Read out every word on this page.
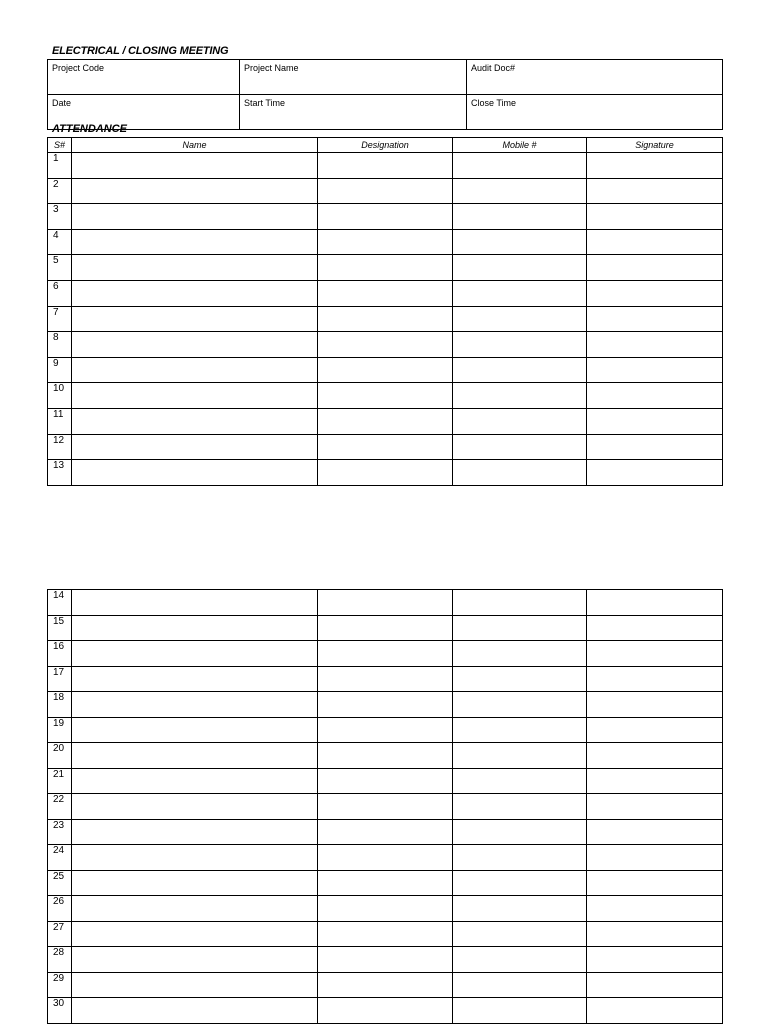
ELECTRICAL / CLOSING MEETING
Project Code	Project Name	Audit Doc#
Date	Start Time	Close Time
ATTENDANCE
S#	Name	Designation	Mobile #	Signature
1				
2				
3				
4				
5				
6				
7				
8				
9				
10				
11				
12				
13				
14				
15				
16				
17				
18				
19				
20				
21				
22				
23				
24				
25				
26				
27				
28				
29				
30				
